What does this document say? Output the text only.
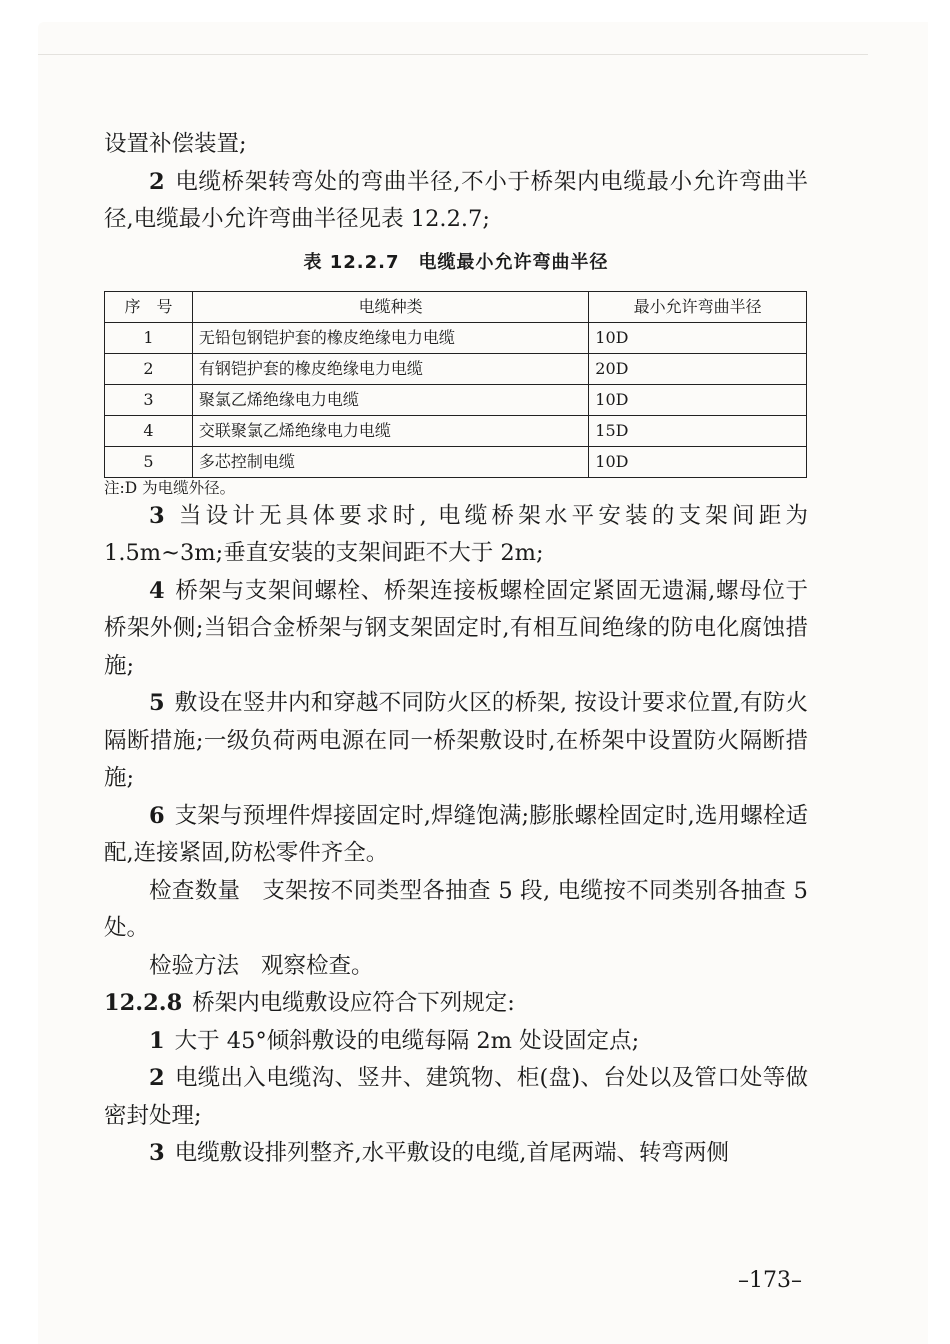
设置补偿装置;

2 电缆桥架转弯处的弯曲半径,不小于桥架内电缆最小允许弯曲半径,电缆最小允许弯曲半径见表 12.2.7;

表 12.2.7　电缆最小允许弯曲半径
序　号	电缆种类	最小允许弯曲半径
1	无铅包钢铠护套的橡皮绝缘电力电缆	10D
2	有钢铠护套的橡皮绝缘电力电缆	20D
3	聚氯乙烯绝缘电力电缆	10D
4	交联聚氯乙烯绝缘电力电缆	15D
5	多芯控制电缆	10D

注:D 为电缆外径。

3 当设计无具体要求时, 电缆桥架水平安装的支架间距为1.5m~3m;垂直安装的支架间距不大于 2m;

4 桥架与支架间螺栓、桥架连接板螺栓固定紧固无遗漏,螺母位于桥架外侧;当铝合金桥架与钢支架固定时,有相互间绝缘的防电化腐蚀措施;

5 敷设在竖井内和穿越不同防火区的桥架, 按设计要求位置,有防火隔断措施;一级负荷两电源在同一桥架敷设时,在桥架中设置防火隔断措施;

6 支架与预埋件焊接固定时,焊缝饱满;膨胀螺栓固定时,选用螺栓适配,连接紧固,防松零件齐全。

检查数量 支架按不同类型各抽查 5 段, 电缆按不同类别各抽查 5 处。

检验方法 观察检查。

12.2.8 桥架内电缆敷设应符合下列规定:

1 大于 45°倾斜敷设的电缆每隔 2m 处设固定点;

2 电缆出入电缆沟、竖井、建筑物、柜(盘)、台处以及管口处等做密封处理;

3 电缆敷设排列整齐,水平敷设的电缆,首尾两端、转弯两侧

–173–
